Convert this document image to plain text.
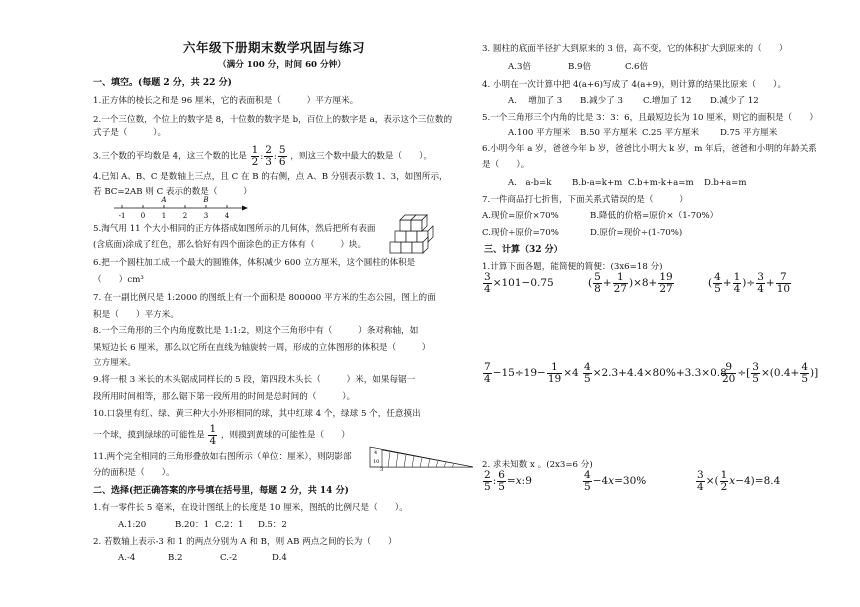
六年级下册期末数学巩固与练习
（满分 100 分，时间 60 分钟）
一、填空。(每题 2 分，共 22 分)
1.正方体的棱长之和是 96 厘米，它的表面积是（　　　）平方厘米。
2.一个三位数，个位上的数字是 8，十位数的数字是 b，百位上的数字是 a，表示这个三位数的
式子是（　　　）。
3.三个数的平均数是 4，这三个数的比是 $\frac{1}{2}$ : $\frac{2}{3}$ : $\frac{5}{6}$ ，则这三个数中最大的数是（　　）。
4.已知 A、B、C 是数轴上三点，且 C 在 B 的右侧，点 A、B 分别表示数 1、3，如图所示，
若 BC=2AB 则 C 表示的数是（　　　）
-1 0 1 2 3 4
A	B
5.淘气用 11 个大小相同的正方体搭成如图所示的几何体，然后把所有表面
(含底面)涂成了红色，那么恰好有四个面涂色的正方体有（　　　）块。
6.把一个圆柱加工成一个最大的圆锥体，体积减少 600 立方厘米，这个圆柱的体积是
（　　）cm³
7. 在一副比例尺是 1:2000 的图纸上有一个面积是 800000 平方米的生态公园，图上的面
积是（　　）平方米。
8.一个三角形的三个内角度数比是 1:1:2，则这个三角形中有（　　　）条对称轴，如
果短边长 6 厘米，那么以它所在直线为轴旋转一周，形成的立体图形的体积是（　　　）
立方厘米。
9.将一根 3 米长的木头锯成同样长的 5 段，第四段木头长（　　　）米，如果每锯一
段所用时间相等，那么锯下第一段所用的时间是总时间的（　　　）。
10.口袋里有红、绿、黄三种大小外形相同的球，其中红球 4 个，绿球 5 个，任意摸出
一个球，摸到绿球的可能性是 $\frac{1}{4}$ ，则摸到黄球的可能性是（　　）
11.两个完全相同的三角形叠放如右图所示（单位：厘米），则阴影部
分的面积是（　　）。
10
4
3
二、选择(把正确答案的序号填在括号里，每题 2 分，共 14 分)
1.有一零件长 5 毫米，在设计图纸上的长度是 10 厘米，图纸的比例尺是（　　）。
A.1:20	B.20：1 C.2：1 D.5：2
2. 若数轴上表示-3 和 1 的两点分别为 A 和 B，则 AB 两点之间的长为（　　）
A.-4	B.2	C.-2	D.4
3. 圆柱的底面半径扩大到原来的 3 倍，高不变，它的体积扩大到原来的（　　）
A.3倍	B.9倍	C.6倍
4. 小明在一次计算中把 4(a+6)写成了 4(a+9)，则计算的结果比原来（　　）。
A.　 增加了 3 B.减少了 3 C.增加了 12 D.减少了 12
5.一个三角形三个内角的比是 3：3：6，且最短边长为 10 厘米，则它的面积是（　　）
A.100 平方厘米 B.50 平方厘米 C.25 平方厘米 D.75 平方厘米
6.小明今年 a 岁，爸爸今年 b 岁，爸爸比小明大 k 岁，m 年后，爸爸和小明的年龄关系
是（　　）。
A.　a-b=k B.b-a=k+m C.b+m-k+a=m D.b+a=m
7.一件商品打七折售，下面关系式错误的是（　　　）
A.现价=原价×70%	B.降低的价格=原价×（1-70%）
C.现价÷原价=70%	D.原价=现价÷(1-70%)
三、计算（32 分）
1.计算下面各题，能简便的简便：(3x6=18 分)
$\frac{3}{4} \times 101-0.75$	( $\frac{5}{8} + \frac{1}{27} )\times 8+ \frac{19}{27}$	( $\frac{4}{5} + \frac{1}{4}$ )÷ $\frac{3}{4} + \frac{7}{10}$
$\frac{7}{4} -15\div 19- \frac{1}{19} \times 4 \frac{4}{5} \times 2.3+4.4\times 80\%+3.3\times 0.8$
$\frac{9}{20}$ ÷[ $\frac{3}{5} \times(0.4+ \frac{4}{5}$ )]
2. 求未知数 x 。(2x3=6 分)
$\frac{2}{5}$ : $\frac{6}{5}$ =x:9	$\frac{4}{5} -4x=30\%$	$\frac{3}{4}$ ×( $\frac{1}{2} x-4)=8.4$
